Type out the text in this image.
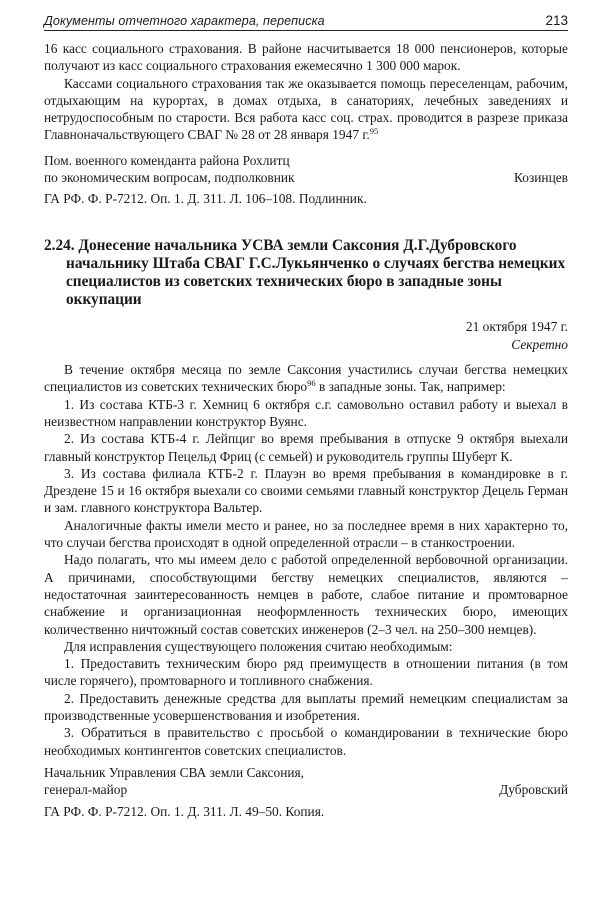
Документы отчетного характера, переписка	213

16 касс социального страхования. В районе насчитывается 18 000 пенсионеров, которые получают из касс социального страхования ежемесячно 1 300 000 марок.

Кассами социального страхования так же оказывается помощь переселенцам, рабочим, отдыхающим на курортах, в домах отдыха, в санаториях, лечебных заведениях и нетрудоспособным по старости. Вся работа касс соц. страх. проводится в разрезе приказа Главноначальствующего СВАГ № 28 от 28 января 1947 г.$^{95}$

Пом. военного коменданта района Рохлитц

по экономическим вопросам, подполковник	Козинцев
ГА РФ. Ф. Р-7212. Оп. 1. Д. 311. Л. 106–108. Подлинник.
2.24. Донесение начальника УСВА земли Саксония Д.Г.Дубровского начальнику Штаба СВАГ Г.С.Лукьянченко о случаях бегства немецких специалистов из советских технических бюро в западные зоны оккупации
21 октября 1947 г.
Секретно

В течение октября месяца по земле Саксония участились случаи бегства немецких специалистов из советских технических бюро$^{96}$ в западные зоны. Так, например:

1. Из состава КТБ-3 г. Хемниц 6 октября с.г. самовольно оставил работу и выехал в неизвестном направлении конструктор Вуянс.

2. Из состава КТБ-4 г. Лейпциг во время пребывания в отпуске 9 октября выехали главный конструктор Пецельд Фриц (с семьей) и руководитель группы Шуберт К.

3. Из состава филиала КТБ-2 г. Плауэн во время пребывания в командировке в г. Дрездене 15 и 16 октября выехали со своими семьями главный конструктор Децель Герман и зам. главного конструктора Вальтер.

Аналогичные факты имели место и ранее, но за последнее время в них характерно то, что случаи бегства происходят в одной определенной отрасли – в станкостроении.

Надо полагать, что мы имеем дело с работой определенной вербовочной организации. А причинами, способствующими бегству немецких специалистов, являются – недостаточная заинтересованность немцев в работе, слабое питание и промтоварное снабжение и организационная неоформленность технических бюро, имеющих количественно ничтожный состав советских инженеров (2–3 чел. на 250–300 немцев).

Для исправления существующего положения считаю необходимым:

1. Предоставить техническим бюро ряд преимуществ в отношении питания (в том числе горячего), промтоварного и топливного снабжения.

2. Предоставить денежные средства для выплаты премий немецким специалистам за производственные усовершенствования и изобретения.

3. Обратиться в правительство с просьбой о командировании в технические бюро необходимых контингентов советских специалистов.

Начальник Управления СВА земли Саксония,

генерал-майор	Дубровский
ГА РФ. Ф. Р-7212. Оп. 1. Д. 311. Л. 49–50. Копия.
